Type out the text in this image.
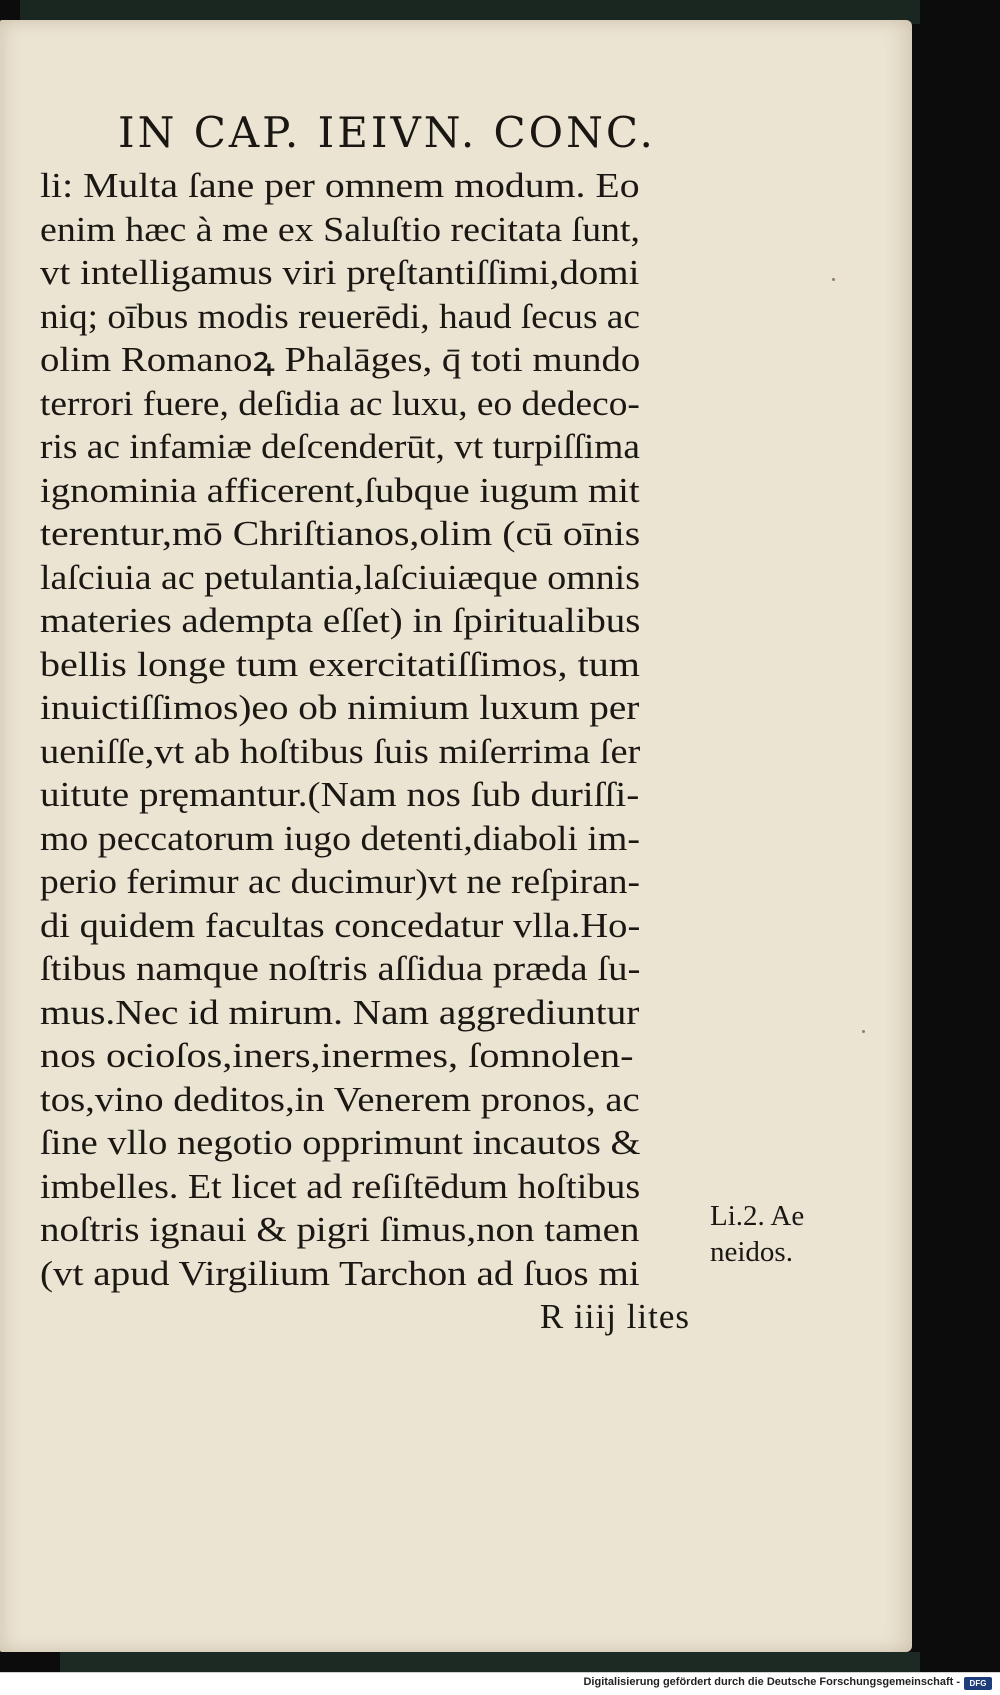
IN CAP. IEIVN. CONC.
li: Multa ſane per omnem modum. Eo
enim hæc à me ex Saluſtio recitata ſunt,
vt intelligamus viri pręſtantiſſimi,domi
niq; oībus modis reuerēdi, haud ſecus ac
olim Romanoꝝ Phalāges, q̄ toti mundo
terrori fuere, deſidia ac luxu, eo dedeco-
ris ac infamiæ deſcenderūt, vt turpiſſima
ignominia afficerent,ſubque iugum mit
terentur,mō Chriſtianos,olim (cū oīnis
laſciuia ac petulantia,laſciuiæque omnis
materies adempta eſſet) in ſpiritualibus
bellis longe tum exercitatiſſimos, tum
inuictiſſimos)eo ob nimium luxum per
ueniſſe,vt ab hoſtibus ſuis miſerrima ſer
uitute pręmantur.(Nam nos ſub duriſſi-
mo peccatorum iugo detenti,diaboli im-
perio ferimur ac ducimur)vt ne reſpiran-
di quidem facultas concedatur vlla.Ho-
ſtibus namque noſtris aſſidua præda ſu-
mus.Nec id mirum. Nam aggrediuntur
nos ocioſos,iners,inermes, ſomnolen-
tos,vino deditos,in Venerem pronos, ac
ſine vllo negotio opprimunt incautos &
imbelles. Et licet ad reſiſtēdum hoſtibus
noſtris ignaui & pigri ſimus,non tamen
(vt apud Virgilium Tarchon ad ſuos mi
R iiij lites
Li.2. Ae
neidos.
Digitalisierung gefördert durch die Deutsche Forschungsgemeinschaft -	DFG
